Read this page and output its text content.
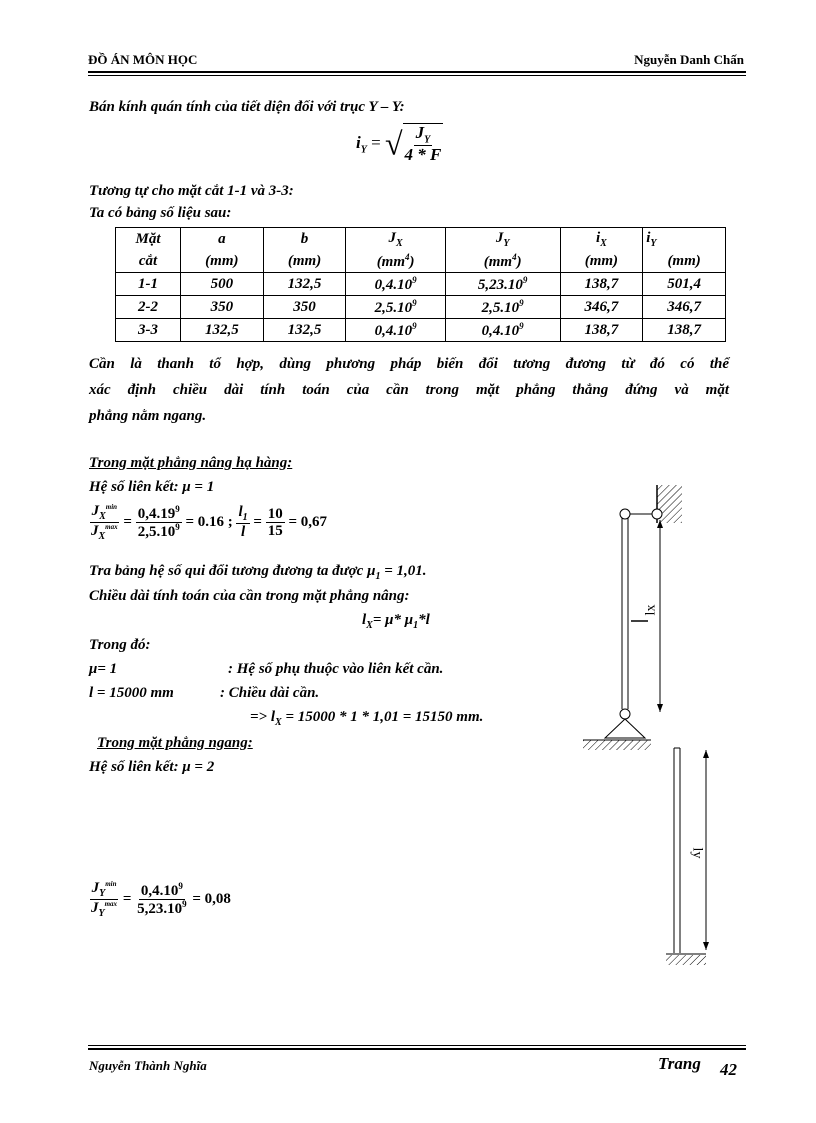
ĐỒ ÁN MÔN HỌC	Nguyễn Danh Chấn
Bán kính quán tính của tiết diện đối với trục Y – Y:
$i_Y$ = √ $\frac{J_Y}{4 * F}$
Tương tự cho mặt cắt 1-1 và 3-3:
Ta có bảng số liệu sau:
Mặt	a	b	$J_X$	$J_Y$	$i_X$	$i_Y$
cắt	(mm)	(mm)	$(mm^4)$	$(mm^4)$	(mm)	(mm)
1-1	500	132,5	0,4.10$^9$	5,23.10$^9$	138,7	501,4
2-2	350	350	2,5.10$^9$	2,5.10$^9$	346,7	346,7
3-3	132,5	132,5	0,4.10$^9$	0,4.10$^9$	138,7	138,7
Cần là thanh tổ hợp, dùng phương pháp biến đổi tương đương từ đó có thể
xác định chiều dài tính toán của cần trong mặt phẳng thẳng đứng và mặt
phẳng nằm ngang.
Trong mặt phẳng nâng hạ hàng:
Hệ số liên kết: μ = 1
$\frac{J_X^{min}}{J_X^{max}} = \frac{0,4.19^9}{2,5.10^9} = 0.16$ ; $\frac{l_1}{l} = \frac{10}{15} = 0,67$
Tra bảng hệ số qui đổi tương đương ta được $\mu_1 = 1,01$.
Chiều dài tính toán của cần trong mặt phẳng nâng:
$l_X= \mu*$ $\mu_1*l$
Trong đó:
μ= 1	: Hệ số phụ thuộc vào liên kết cần.
l = 15000 mm	: Chiều dài cần.
=> $l_X = 15000 * 1 * 1,01 = 15150$ mm.
Trong mặt phẳng ngang:
Hệ số liên kết: μ = 2
$\frac{J_Y^{min}}{J_Y^{max}} = \frac{0,4.10^9}{5,23.10^9} = 0,08$
lx
ly
Nguyễn Thành Nghĩa	Trang 42
